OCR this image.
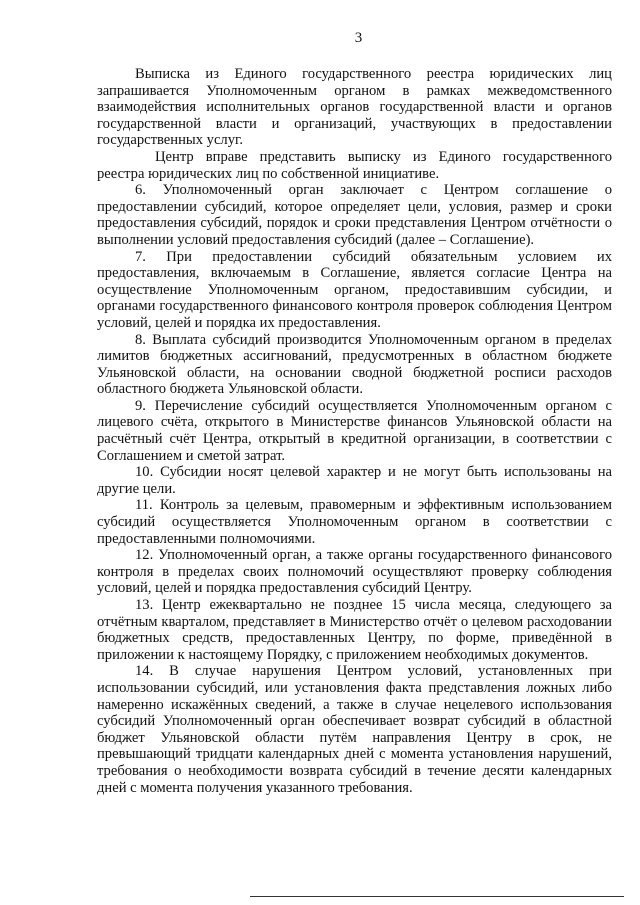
3

Выписка из Единого государственного реестра юридических лиц запрашивается Уполномоченным органом в рамках межведомственного взаимодействия исполнительных органов государственной власти и органов государственной власти и организаций, участвующих в предоставлении государственных услуг.

Центр вправе представить выписку из Единого государственного реестра юридических лиц по собственной инициативе.

6. Уполномоченный орган заключает с Центром соглашение о предоставлении субсидий, которое определяет цели, условия, размер и сроки предоставления субсидий, порядок и сроки представления Центром отчётности о выполнении условий предоставления субсидий (далее – Соглашение).

7. При предоставлении субсидий обязательным условием их предоставления, включаемым в Соглашение, является согласие Центра на осуществление Уполномоченным органом, предоставившим субсидии, и органами государственного финансового контроля проверок соблюдения Центром условий, целей и порядка их предоставления.

8. Выплата субсидий производится Уполномоченным органом в пределах лимитов бюджетных ассигнований, предусмотренных в областном бюджете Ульяновской области, на основании сводной бюджетной росписи расходов областного бюджета Ульяновской области.

9. Перечисление субсидий осуществляется Уполномоченным органом с лицевого счёта, открытого в Министерстве финансов Ульяновской области на расчётный счёт Центра, открытый в кредитной организации, в соответствии с Соглашением и сметой затрат.

10. Субсидии носят целевой характер и не могут быть использованы на другие цели.

11. Контроль за целевым, правомерным и эффективным использованием субсидий осуществляется Уполномоченным органом в соответствии с предоставленными полномочиями.

12. Уполномоченный орган, а также органы государственного финансового контроля в пределах своих полномочий осуществляют проверку соблюдения условий, целей и порядка предоставления субсидий Центру.

13. Центр ежеквартально не позднее 15 числа месяца, следующего за отчётным кварталом, представляет в Министерство отчёт о целевом расходовании бюджетных средств, предоставленных Центру, по форме, приведённой в приложении к настоящему Порядку, с приложением необходимых документов.

14. В случае нарушения Центром условий, установленных при использовании субсидий, или установления факта представления ложных либо намеренно искажённых сведений, а также в случае нецелевого использования субсидий Уполномоченный орган обеспечивает возврат субсидий в областной бюджет Ульяновской области путём направления Центру в срок, не превышающий тридцати календарных дней с момента установления нарушений, требования о необходимости возврата субсидий в течение десяти календарных дней с момента получения указанного требования.
